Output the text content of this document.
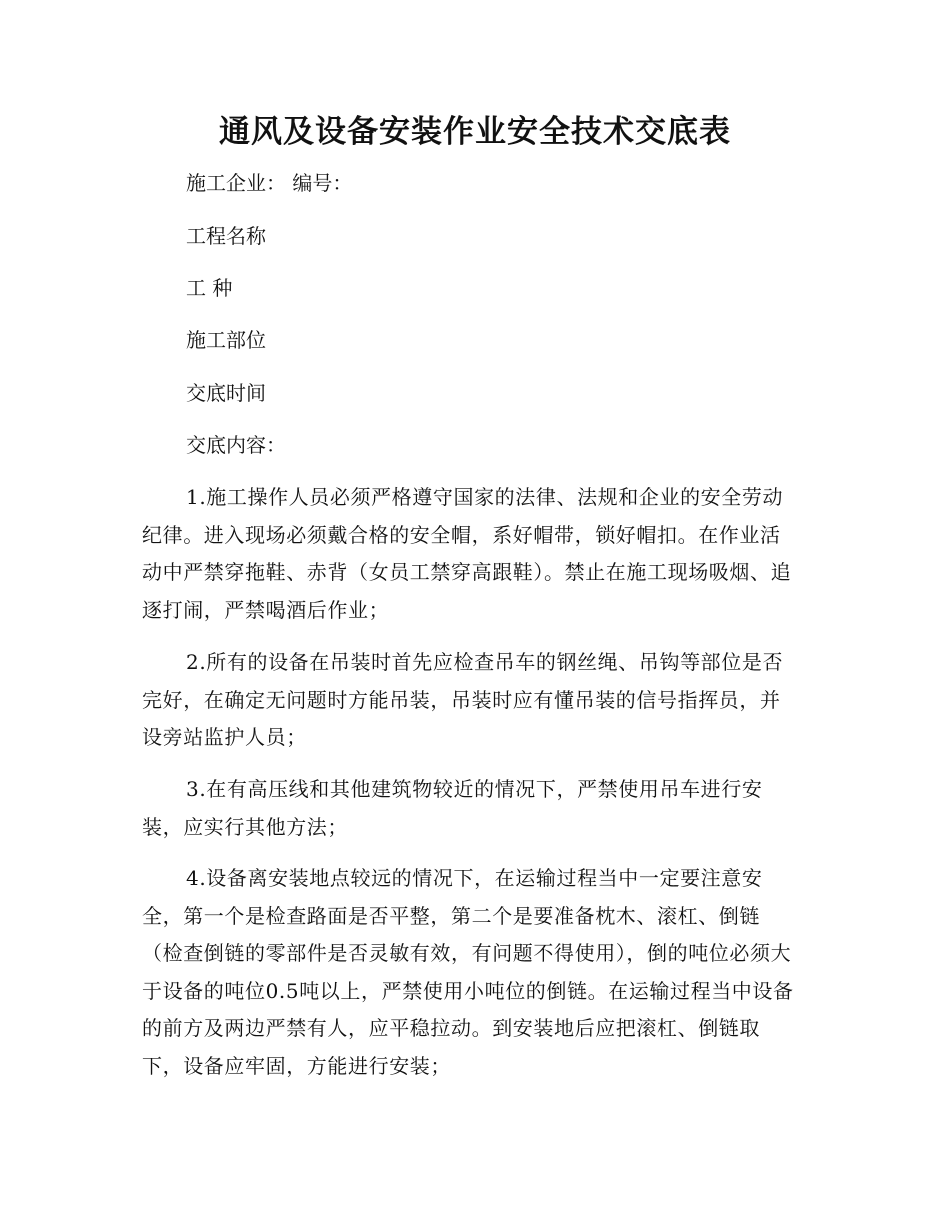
通风及设备安装作业安全技术交底表
施工企业： 编号：
工程名称
工 种
施工部位
交底时间
交底内容：
1.施工操作人员必须严格遵守国家的法律、法规和企业的安全劳动纪律。进入现场必须戴合格的安全帽，系好帽带，锁好帽扣。在作业活动中严禁穿拖鞋、赤背（女员工禁穿高跟鞋）。禁止在施工现场吸烟、追逐打闹，严禁喝酒后作业；
2.所有的设备在吊装时首先应检查吊车的钢丝绳、吊钩等部位是否完好，在确定无问题时方能吊装，吊装时应有懂吊装的信号指挥员，并设旁站监护人员；
3.在有高压线和其他建筑物较近的情况下，严禁使用吊车进行安装，应实行其他方法；
4.设备离安装地点较远的情况下，在运输过程当中一定要注意安全，第一个是检查路面是否平整，第二个是要准备枕木、滚杠、倒链（检查倒链的零部件是否灵敏有效，有问题不得使用），倒的吨位必须大于设备的吨位0.5吨以上，严禁使用小吨位的倒链。在运输过程当中设备的前方及两边严禁有人，应平稳拉动。到安装地后应把滚杠、倒链取下，设备应牢固，方能进行安装；
